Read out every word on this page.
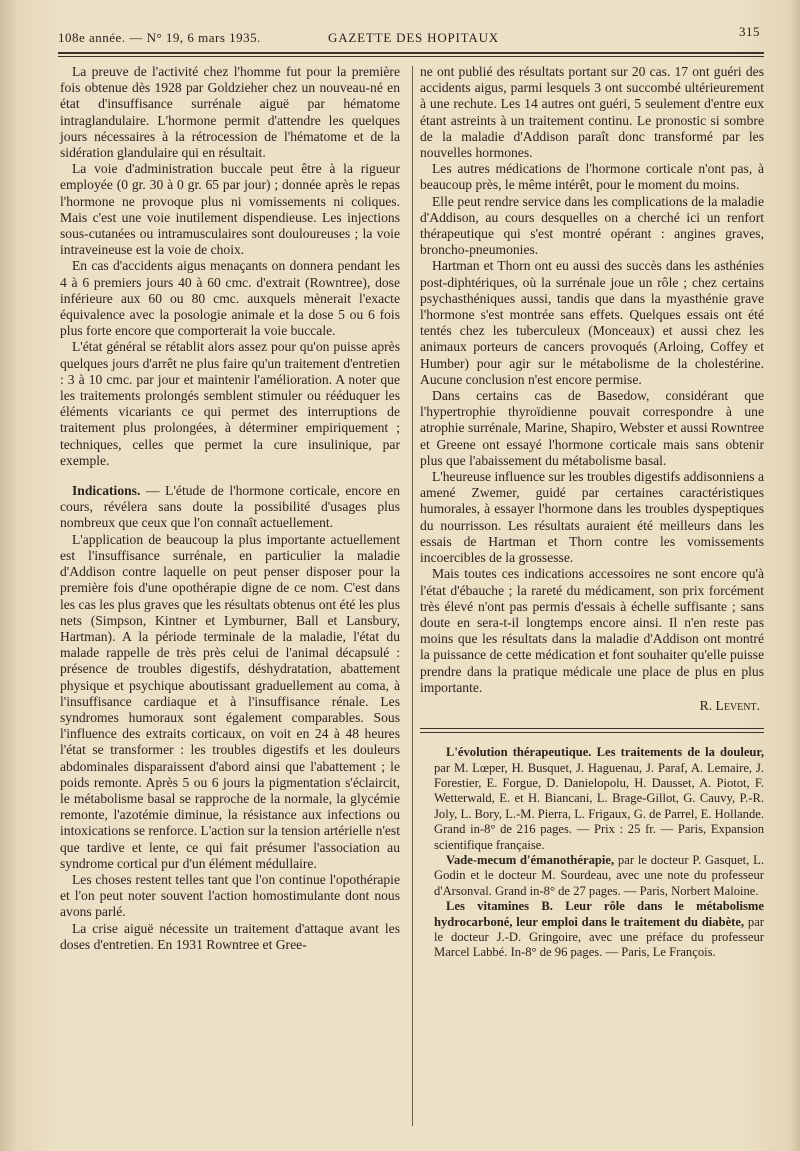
108e année. — N° 19, 6 mars 1935.	GAZETTE DES HOPITAUX	315

La preuve de l'activité chez l'homme fut pour la première fois obtenue dès 1928 par Goldzieher chez un nouveau-né en état d'insuffisance surrénale aiguë par hématome intraglandulaire. L'hormone permit d'attendre les quelques jours nécessaires à la rétrocession de l'hématome et de la sidération glandulaire qui en résultait.

La voie d'administration buccale peut être à la rigueur employée (0 gr. 30 à 0 gr. 65 par jour) ; donnée après le repas l'hormone ne provoque plus ni vomissements ni coliques. Mais c'est une voie inutilement dispendieuse. Les injections sous-cutanées ou intramusculaires sont douloureuses ; la voie intraveineuse est la voie de choix.

En cas d'accidents aigus menaçants on donnera pendant les 4 à 6 premiers jours 40 à 60 cmc. d'extrait (Rowntree), dose inférieure aux 60 ou 80 cmc. auxquels mènerait l'exacte équivalence avec la posologie animale et la dose 5 ou 6 fois plus forte encore que comporterait la voie buccale.

L'état général se rétablit alors assez pour qu'on puisse après quelques jours d'arrêt ne plus faire qu'un traitement d'entretien : 3 à 10 cmc. par jour et maintenir l'amélioration. A noter que les traitements prolongés semblent stimuler ou rééduquer les éléments vicariants ce qui permet des interruptions de traitement plus prolongées, à déterminer empiriquement ; techniques, celles que permet la cure insulinique, par exemple.

Indications. — L'étude de l'hormone corticale, encore en cours, révélera sans doute la possibilité d'usages plus nombreux que ceux que l'on connaît actuellement.

L'application de beaucoup la plus importante actuellement est l'insuffisance surrénale, en particulier la maladie d'Addison contre laquelle on peut penser disposer pour la première fois d'une opothérapie digne de ce nom. C'est dans les cas les plus graves que les résultats obtenus ont été les plus nets (Simpson, Kintner et Lymburner, Ball et Lansbury, Hartman). A la période terminale de la maladie, l'état du malade rappelle de très près celui de l'animal décapsulé : présence de troubles digestifs, déshydratation, abattement physique et psychique aboutissant graduellement au coma, à l'insuffisance cardiaque et à l'insuffisance rénale. Les syndromes humoraux sont également comparables. Sous l'influence des extraits corticaux, on voit en 24 à 48 heures l'état se transformer : les troubles digestifs et les douleurs abdominales disparaissent d'abord ainsi que l'abattement ; le poids remonte. Après 5 ou 6 jours la pigmentation s'éclaircit, le métabolisme basal se rapproche de la normale, la glycémie remonte, l'azotémie diminue, la résistance aux infections ou intoxications se renforce. L'action sur la tension artérielle n'est que tardive et lente, ce qui fait présumer l'association au syndrome cortical pur d'un élément médullaire.

Les choses restent telles tant que l'on continue l'opothérapie et l'on peut noter souvent l'action homostimulante dont nous avons parlé.

La crise aiguë nécessite un traitement d'attaque avant les doses d'entretien. En 1931 Rowntree et Gree-

ne ont publié des résultats portant sur 20 cas. 17 ont guéri des accidents aigus, parmi lesquels 3 ont succombé ultérieurement à une rechute. Les 14 autres ont guéri, 5 seulement d'entre eux étant astreints à un traitement continu. Le pronostic si sombre de la maladie d'Addison paraît donc transformé par les nouvelles hormones.

Les autres médications de l'hormone corticale n'ont pas, à beaucoup près, le même intérêt, pour le moment du moins.

Elle peut rendre service dans les complications de la maladie d'Addison, au cours desquelles on a cherché ici un renfort thérapeutique qui s'est montré opérant : angines graves, broncho-pneumonies.

Hartman et Thorn ont eu aussi des succès dans les asthénies post-diphtériques, où la surrénale joue un rôle ; chez certains psychasthéniques aussi, tandis que dans la myasthénie grave l'hormone s'est montrée sans effets. Quelques essais ont été tentés chez les tuberculeux (Monceaux) et aussi chez les animaux porteurs de cancers provoqués (Arloing, Coffey et Humber) pour agir sur le métabolisme de la cholestérine. Aucune conclusion n'est encore permise.

Dans certains cas de Basedow, considérant que l'hypertrophie thyroïdienne pouvait correspondre à une atrophie surrénale, Marine, Shapiro, Webster et aussi Rowntree et Greene ont essayé l'hormone corticale mais sans obtenir plus que l'abaissement du métabolisme basal.

L'heureuse influence sur les troubles digestifs addisonniens a amené Zwemer, guidé par certaines caractéristiques humorales, à essayer l'hormone dans les troubles dyspeptiques du nourrisson. Les résultats auraient été meilleurs dans les essais de Hartman et Thorn contre les vomissements incoercibles de la grossesse.

Mais toutes ces indications accessoires ne sont encore qu'à l'état d'ébauche ; la rareté du médicament, son prix forcément très élevé n'ont pas permis d'essais à échelle suffisante ; sans doute en sera-t-il longtemps encore ainsi. Il n'en reste pas moins que les résultats dans la maladie d'Addison ont montré la puissance de cette médication et font souhaiter qu'elle puisse prendre dans la pratique médicale une place de plus en plus importante.

R. Levent.

L'évolution thérapeutique. Les traitements de la douleur, par M. Lœper, H. Busquet, J. Haguenau, J. Paraf, A. Lemaire, J. Forestier, E. Forgue, D. Danielopolu, H. Dausset, A. Piotot, F. Wetterwald, E. et H. Biancani, L. Brage-Gillot, G. Cauvy, P.-R. Joly, L. Bory, L.-M. Pierra, L. Frigaux, G. de Parrel, E. Hollande. Grand in-8° de 216 pages. — Prix : 25 fr. — Paris, Expansion scientifique française.

Vade-mecum d'émanothérapie, par le docteur P. Gasquet, L. Godin et le docteur M. Sourdeau, avec une note du professeur d'Arsonval. Grand in-8° de 27 pages. — Paris, Norbert Maloine.

Les vitamines B. Leur rôle dans le métabolisme hydrocarboné, leur emploi dans le traitement du diabète, par le docteur J.-D. Gringoire, avec une préface du professeur Marcel Labbé. In-8° de 96 pages. — Paris, Le François.
